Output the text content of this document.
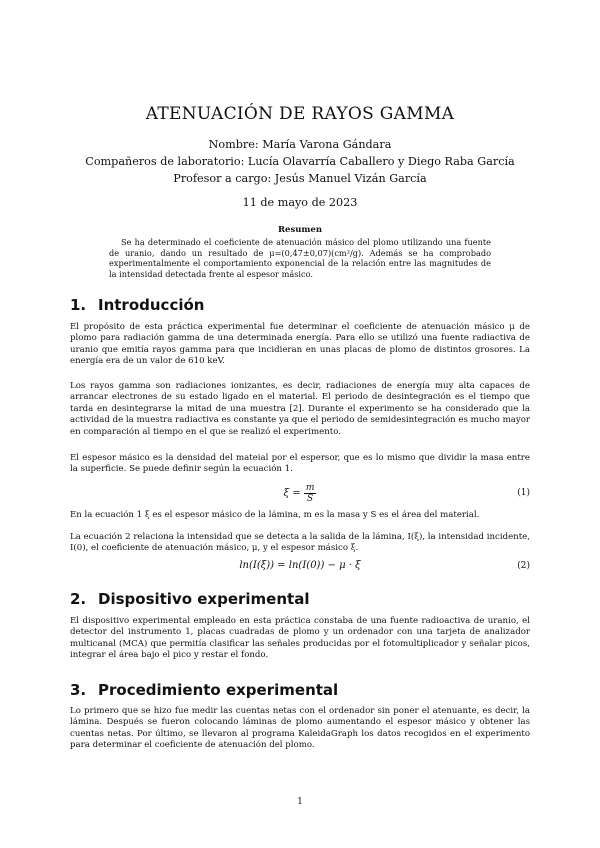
ATENUACIÓN DE RAYOS GAMMA
Nombre: María Varona Gándara
Compañeros de laboratorio: Lucía Olavarría Caballero y Diego Raba García
Profesor a cargo: Jesús Manuel Vizán García
11 de mayo de 2023
Resumen
Se ha determinado el coeficiente de atenuación másico del plomo utilizando una fuente de uranio, dando un resultado de μ=(0,47±0,07)(cm²/g). Además se ha comprobado experimentalmente el comportamiento exponencial de la relación entre las magnitudes de la intensidad detectada frente al espesor másico.
1. Introducción
El propósito de esta práctica experimental fue determinar el coeficiente de atenuación másico μ de plomo para radiación gamma de una determinada energía. Para ello se utilizó una fuente radiactiva de uranio que emitía rayos gamma para que incidieran en unas placas de plomo de distintos grosores. La energía era de un valor de 610 keV.
Los rayos gamma son radiaciones ionizantes, es decir, radiaciones de energía muy alta capaces de arrancar electrones de su estado ligado en el material. El periodo de desintegración es el tiempo que tarda en desintegrarse la mitad de una muestra [2]. Durante el experimento se ha considerado que la actividad de la muestra radiactiva es constante ya que el periodo de semidesintegración es mucho mayor en comparación al tiempo en el que se realizó el experimento.
El espesor másico es la densidad del mateial por el espersor, que es lo mismo que dividir la masa entre la superficie. Se puede definir según la ecuación 1.
$\xi = \frac{m}{S}$	(1)
En la ecuación 1 ξ es el espesor másico de la lámina, m es la masa y S es el área del material.
La ecuación 2 relaciona la intensidad que se detecta a la salida de la lámina, I(ξ), la intensidad incidente, I(0), el coeficiente de atenuación másico, μ, y el espesor másico ξ.
ln(I(ξ)) = ln(I(0)) − μ · ξ	(2)
2. Dispositivo experimental
El dispositivo experimental empleado en esta práctica constaba de una fuente radioactiva de uranio, el detector del instrumento 1, placas cuadradas de plomo y un ordenador con una tarjeta de analizador multicanal (MCA) que permitía clasificar las señales producidas por el fotomultiplicador y señalar picos, integrar el área bajo el pico y restar el fondo.
3. Procedimiento experimental
Lo primero que se hizo fue medir las cuentas netas con el ordenador sin poner el atenuante, es decir, la lámina. Después se fueron colocando láminas de plomo aumentando el espesor másico y obtener las cuentas netas. Por último, se llevaron al programa KaleidaGraph los datos recogidos en el experimento para determinar el coeficiente de atenuación del plomo.
1
